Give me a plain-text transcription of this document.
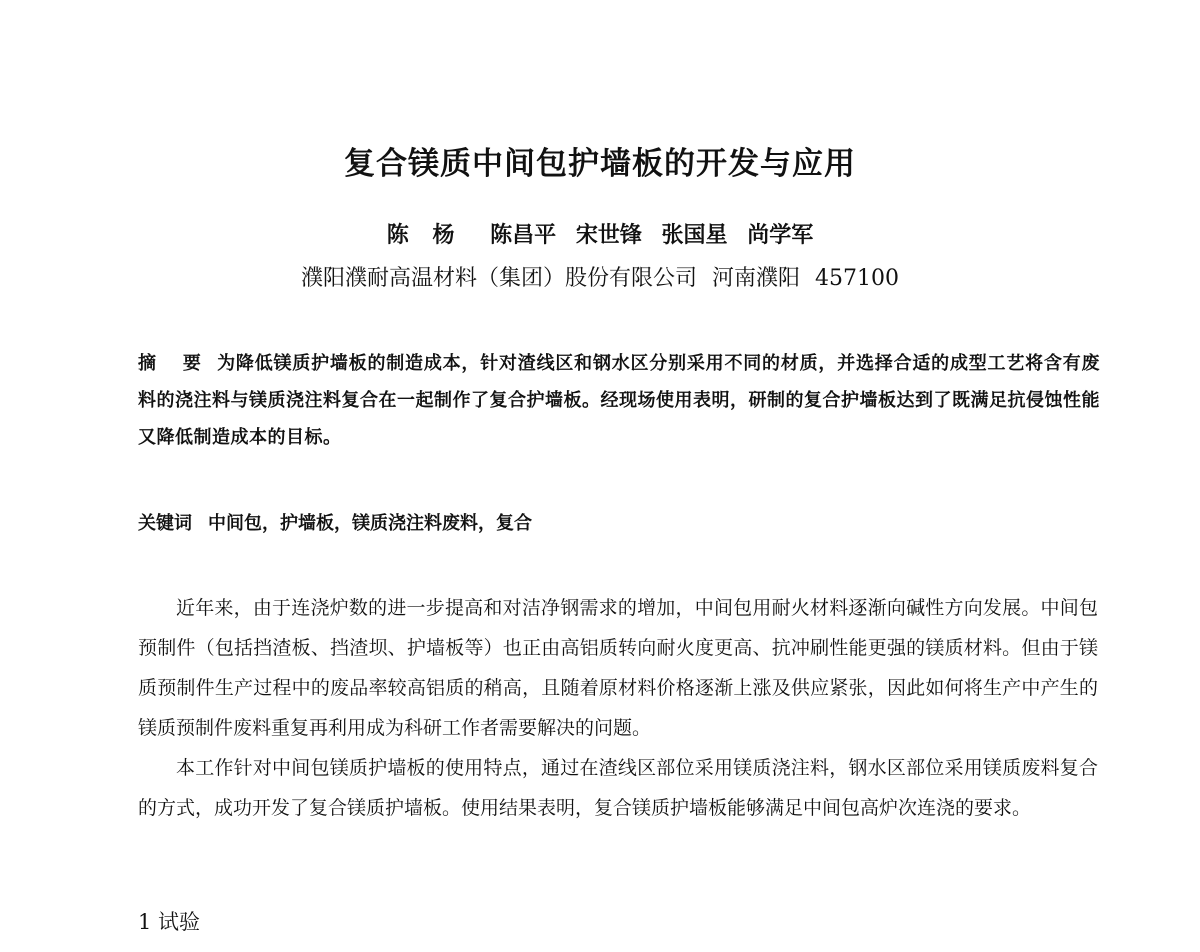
复合镁质中间包护墙板的开发与应用
陈 杨 陈昌平 宋世锋 张国星 尚学军
濮阳濮耐高温材料（集团）股份有限公司 河南濮阳 457100

摘 要 为降低镁质护墙板的制造成本，针对渣线区和钢水区分别采用不同的材质，并选择合适的成型工艺将含有废料的浇注料与镁质浇注料复合在一起制作了复合护墙板。经现场使用表明，研制的复合护墙板达到了既满足抗侵蚀性能又降低制造成本的目标。

关键词 中间包，护墙板，镁质浇注料废料，复合

近年来，由于连浇炉数的进一步提高和对洁净钢需求的增加，中间包用耐火材料逐渐向碱性方向发展。中间包预制件（包括挡渣板、挡渣坝、护墙板等）也正由高铝质转向耐火度更高、抗冲刷性能更强的镁质材料。但由于镁质预制件生产过程中的废品率较高铝质的稍高，且随着原材料价格逐渐上涨及供应紧张，因此如何将生产中产生的镁质预制件废料重复再利用成为科研工作者需要解决的问题。

本工作针对中间包镁质护墙板的使用特点，通过在渣线区部位采用镁质浇注料，钢水区部位采用镁质废料复合的方式，成功开发了复合镁质护墙板。使用结果表明，复合镁质护墙板能够满足中间包高炉次连浇的要求。

1 试验
